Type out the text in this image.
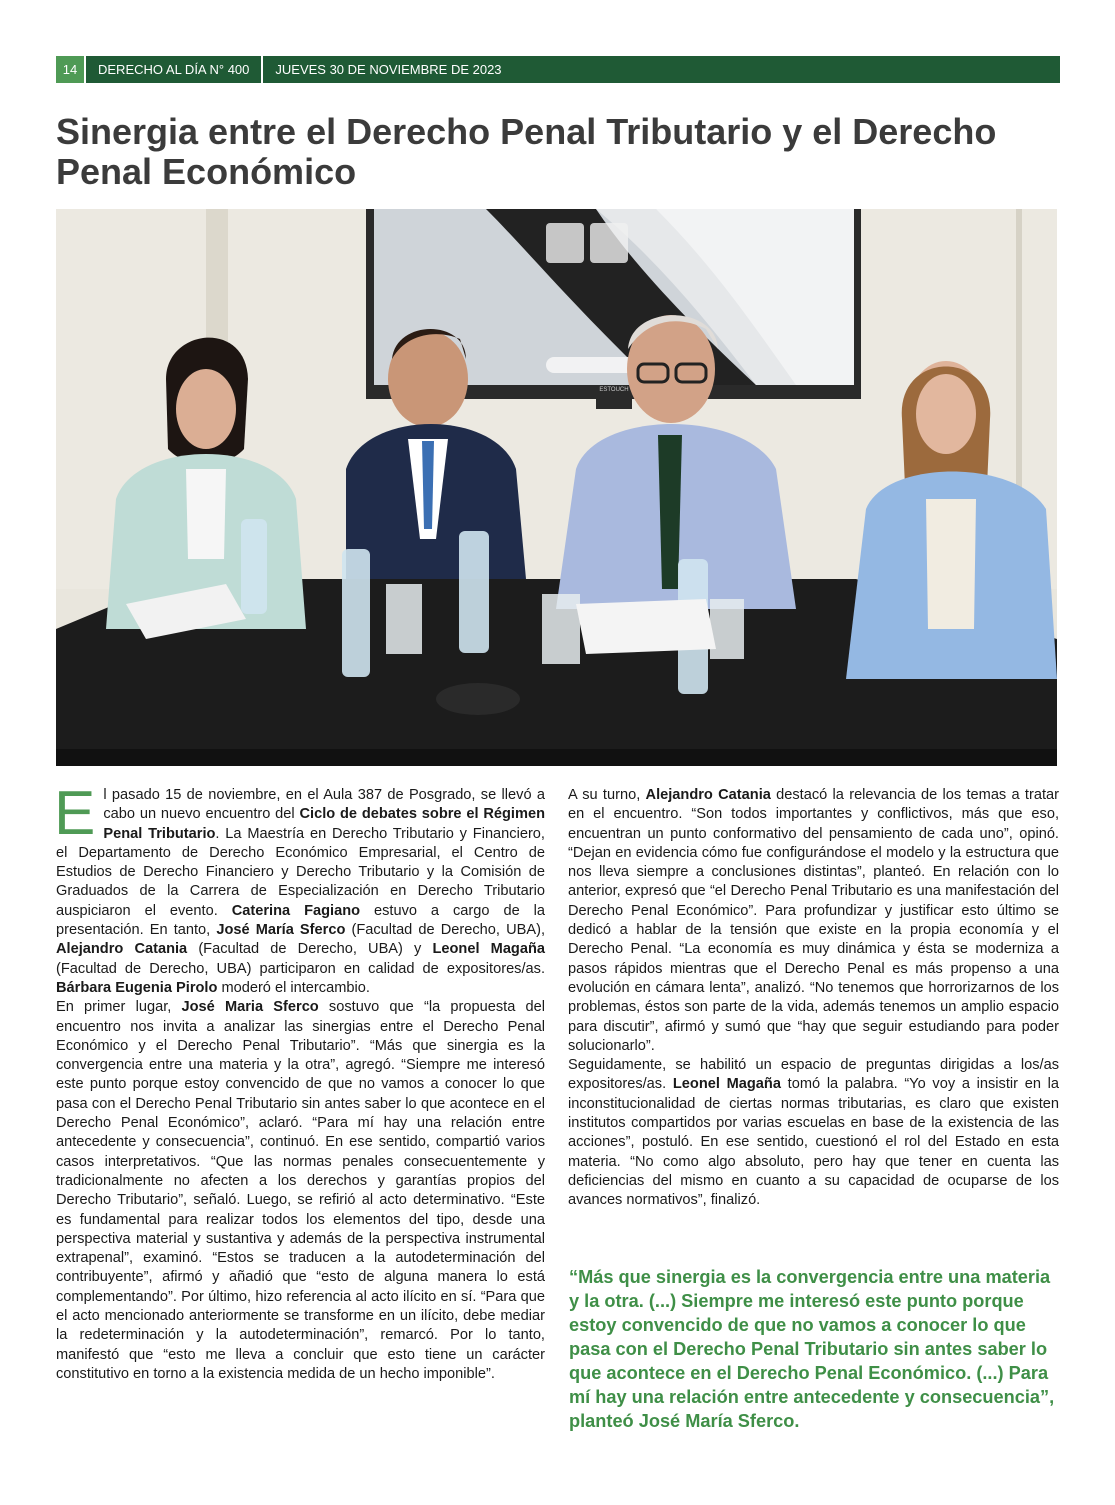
14	DERECHO AL DÍA N° 400	JUEVES 30 DE NOVIEMBRE DE 2023
Sinergia entre el Derecho Penal Tributario y el Derecho Penal Económico
ESTOUCH

El pasado 15 de noviembre, en el Aula 387 de Posgrado, se llevó a cabo un nuevo encuentro del Ciclo de debates sobre el Régimen Penal Tributario. La Maestría en Derecho Tributario y Financiero, el Departamento de Derecho Económico Empresarial, el Centro de Estudios de Derecho Financiero y Derecho Tributario y la Comisión de Graduados de la Carrera de Especialización en Derecho Tributario auspiciaron el evento. Caterina Fagiano estuvo a cargo de la presentación. En tanto, José María Sferco (Facultad de Derecho, UBA), Alejandro Catania (Facultad de Derecho, UBA) y Leonel Magaña (Facultad de Derecho, UBA) participaron en calidad de expositores/as. Bárbara Eugenia Pirolo moderó el intercambio.

En primer lugar, José Maria Sferco sostuvo que “la propuesta del encuentro nos invita a analizar las sinergias entre el Derecho Penal Económico y el Derecho Penal Tributario”. “Más que sinergia es la convergencia entre una materia y la otra”, agregó. “Siempre me interesó este punto porque estoy convencido de que no vamos a conocer lo que pasa con el Derecho Penal Tributario sin antes saber lo que acontece en el Derecho Penal Económico”, aclaró. “Para mí hay una relación entre antecedente y consecuencia”, continuó. En ese sentido, compartió varios casos interpretativos. “Que las normas penales consecuentemente y tradicionalmente no afecten a los derechos y garantías propios del Derecho Tributario”, señaló. Luego, se refirió al acto determinativo. “Este es fundamental para realizar todos los elementos del tipo, desde una perspectiva material y sustantiva y además de la perspectiva instrumental extrapenal”, examinó. “Estos se traducen a la autodeterminación del contribuyente”, afirmó y añadió que “esto de alguna manera lo está complementando”. Por último, hizo referencia al acto ilícito en sí. “Para que el acto mencionado anteriormente se transforme en un ilícito, debe mediar la redeterminación y la autodeterminación”, remarcó. Por lo tanto, manifestó que “esto me lleva a concluir que esto tiene un carácter constitutivo en torno a la existencia medida de un hecho imponible”.

A su turno, Alejandro Catania destacó la relevancia de los temas a tratar en el encuentro. “Son todos importantes y conflictivos, más que eso, encuentran un punto conformativo del pensamiento de cada uno”, opinó. “Dejan en evidencia cómo fue configurándose el modelo y la estructura que nos lleva siempre a conclusiones distintas”, planteó. En relación con lo anterior, expresó que “el Derecho Penal Tributario es una manifestación del Derecho Penal Económico”. Para profundizar y justificar esto último se dedicó a hablar de la tensión que existe en la propia economía y el Derecho Penal. “La economía es muy dinámica y ésta se moderniza a pasos rápidos mientras que el Derecho Penal es más propenso a una evolución en cámara lenta”, analizó. “No tenemos que horrorizarnos de los problemas, éstos son parte de la vida, además tenemos un amplio espacio para discutir”, afirmó y sumó que “hay que seguir estudiando para poder solucionarlo”.

Seguidamente, se habilitó un espacio de preguntas dirigidas a los/as expositores/as. Leonel Magaña tomó la palabra. “Yo voy a insistir en la inconstitucionalidad de ciertas normas tributarias, es claro que existen institutos compartidos por varias escuelas en base de la existencia de las acciones”, postuló. En ese sentido, cuestionó el rol del Estado en esta materia. “No como algo absoluto, pero hay que tener en cuenta las deficiencias del mismo en cuanto a su capacidad de ocuparse de los avances normativos”, finalizó.

“Más que sinergia es la convergencia entre una materia y la otra. (...) Siempre me interesó este punto porque estoy convencido de que no vamos a conocer lo que pasa con el Derecho Penal Tributario sin antes saber lo que acontece en el Derecho Penal Económico. (...) Para mí hay una relación entre antecedente y consecuencia”, planteó José María Sferco.
